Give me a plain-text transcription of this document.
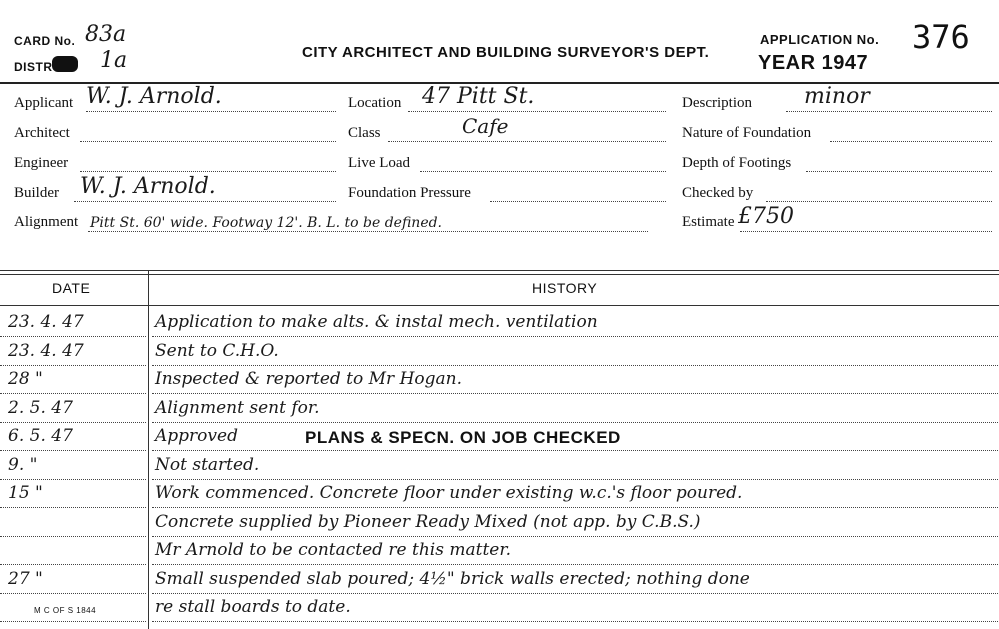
CARD No. 83a
DISTR 1a	CITY ARCHITECT AND BUILDING SURVEYOR'S DEPT.
APPLICATION No. 376
YEAR 1947
Applicant W. J. Arnold.
Architect
Engineer
Builder W. J. Arnold.
Alignment Pitt St. 60' wide. Footway 12'. B. L. to be defined.
Location 47 Pitt St.
Class	Cafe
Live Load
Foundation Pressure
Description minor
Nature of Foundation
Depth of Footings
Checked by
Estimate £750
DATE	HISTORY
23. 4. 47	Application to make alts. & instal mech. ventilation
23. 4. 47	Sent to C.H.O.
28 "	Inspected & reported to Mr Hogan.
2. 5. 47	Alignment sent for.
6. 5. 47	Approved	PLANS & SPECN. ON JOB CHECKED
9. "	Not started.
15 "	Work commenced. Concrete floor under existing w.c.'s floor poured.
Concrete supplied by Pioneer Ready Mixed (not app. by C.B.S.)
Mr Arnold to be contacted re this matter.
27 "	Small suspended slab poured; 4½" brick walls erected; nothing done
re stall boards to date.
M C OF S 1844
